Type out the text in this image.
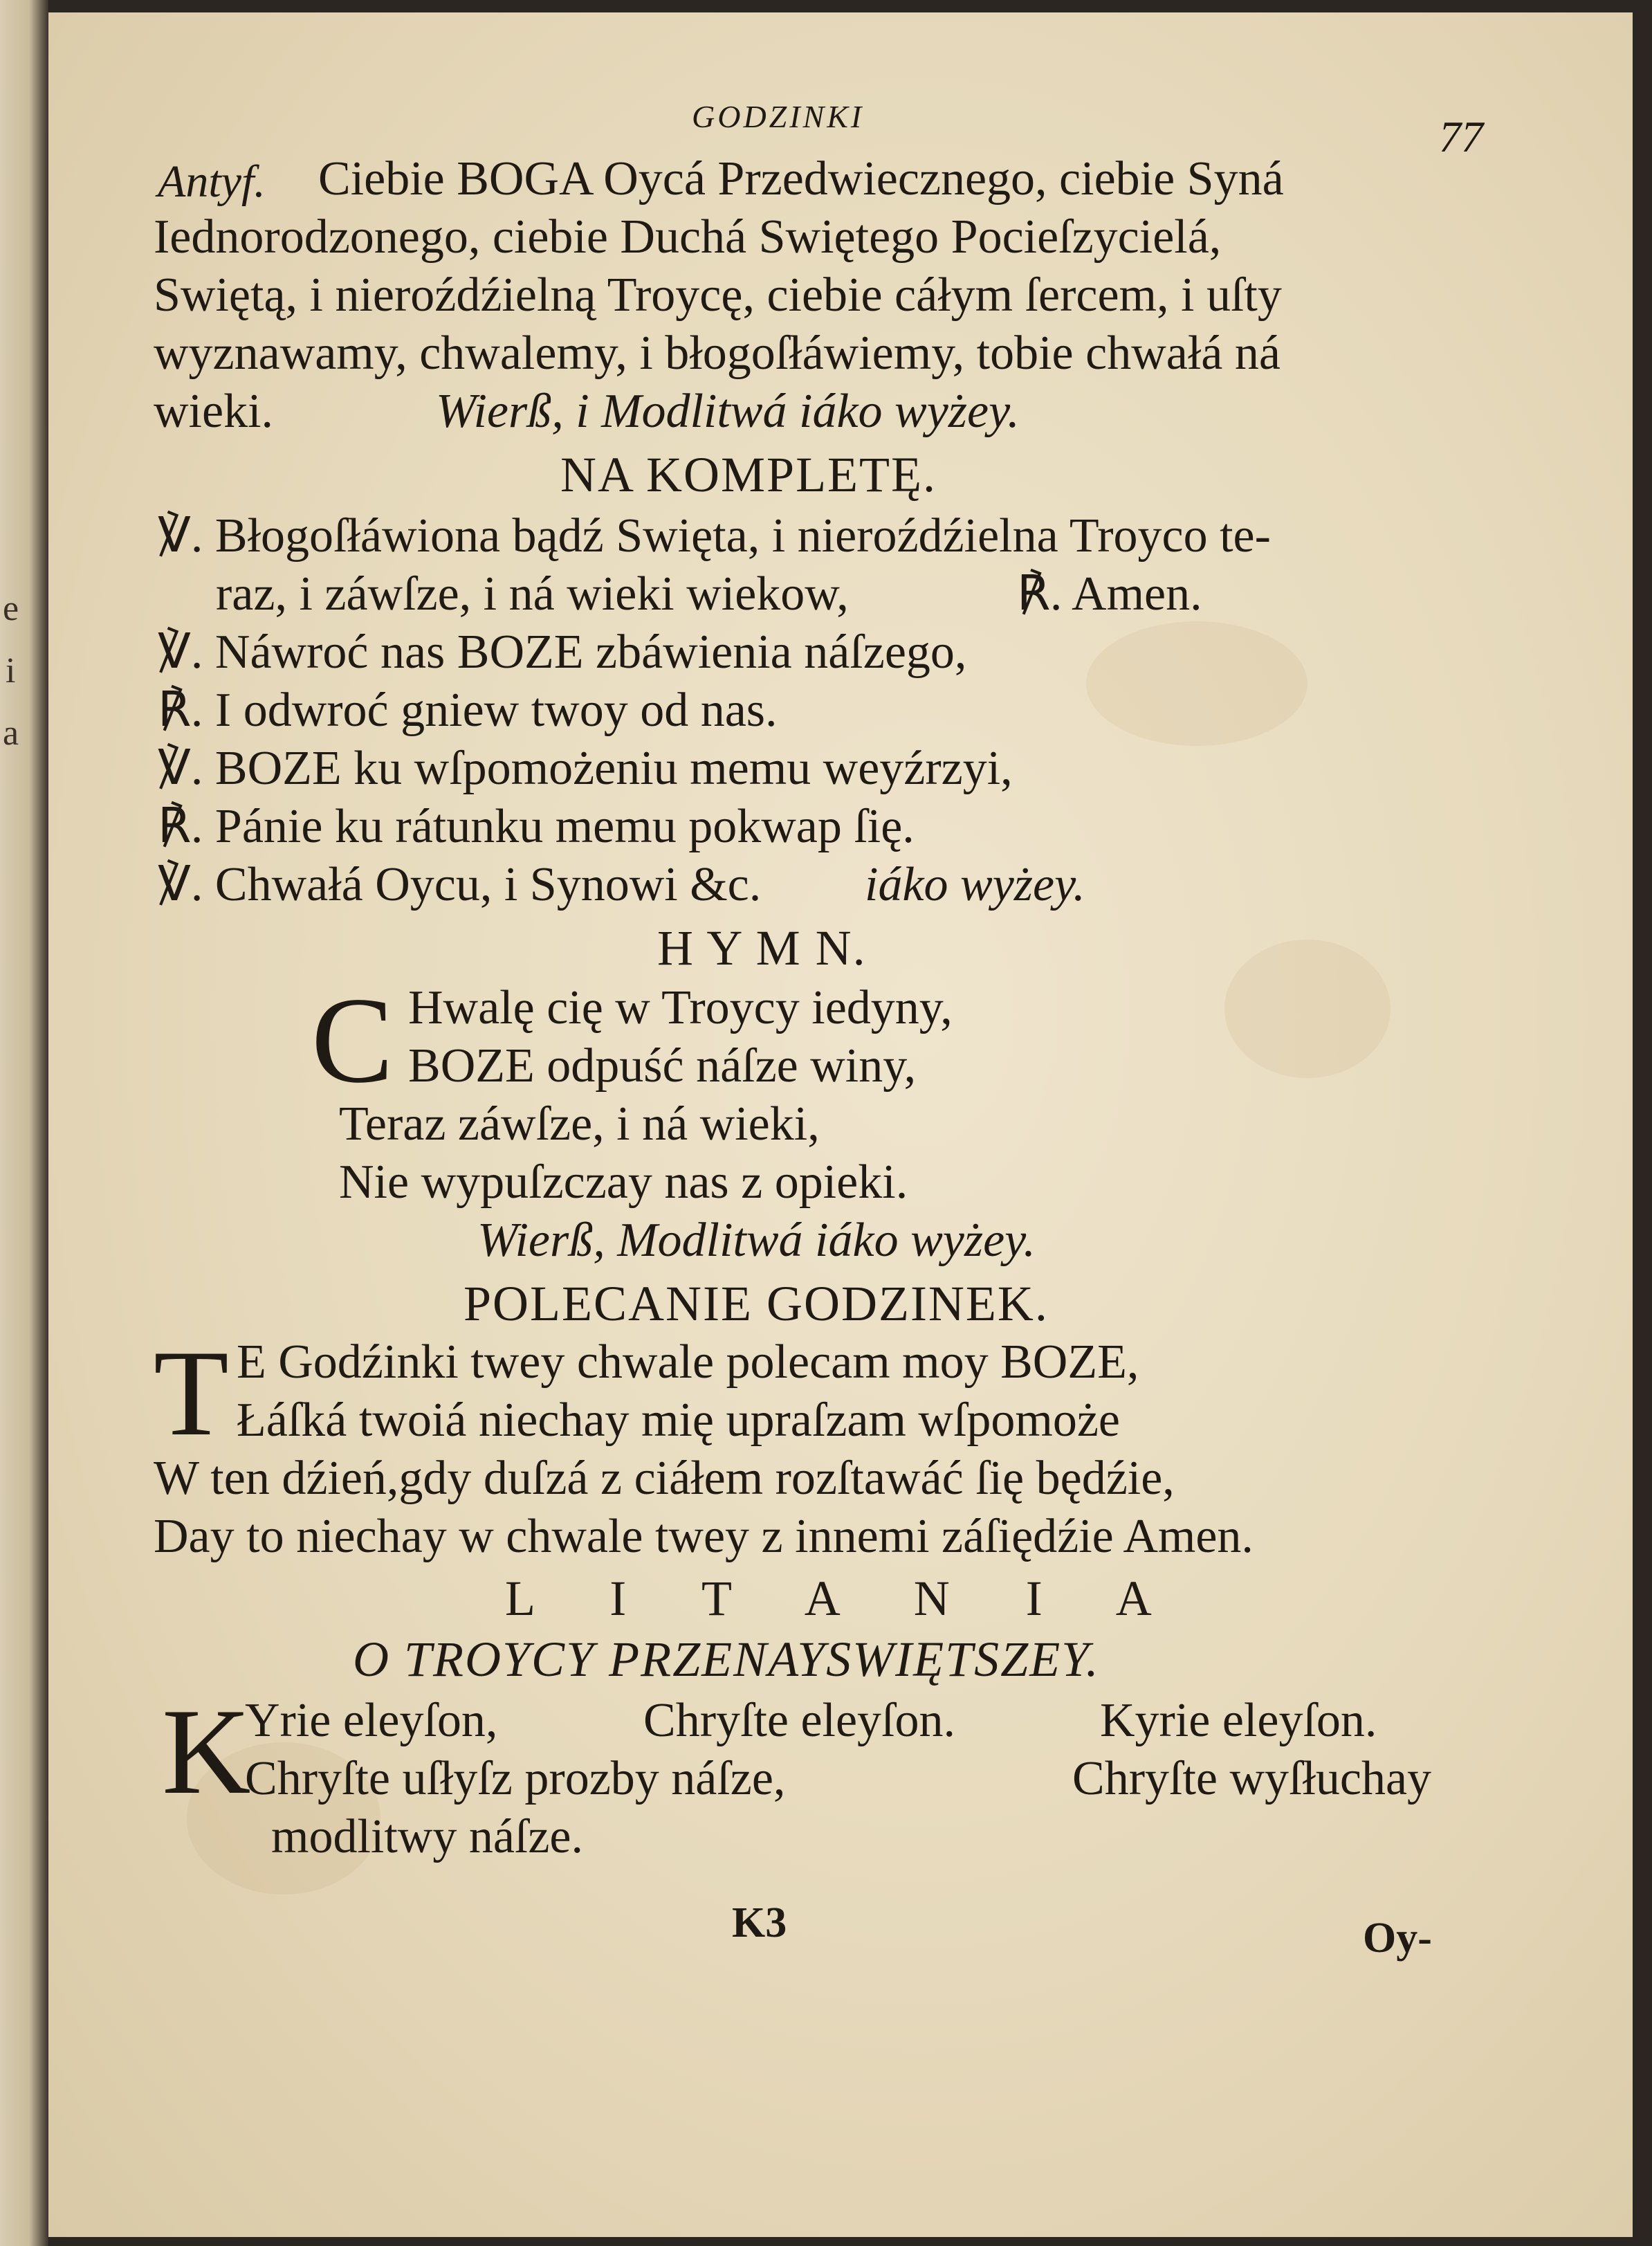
GODZINKI	77
Antyf. Ciebie BOGA Oycá Przedwiecznego, ciebie Syná
Iednorodzonego, ciebie Duchá Swiętego Pocieſzycielá,
Swiętą, i nieroźdźielną Troycę, ciebie cáłym ſercem, i uſty
wyznawamy, chwalemy, i błogoſłáwiemy, tobie chwałá ná
wieki.	Wierß, i Modlitwá iáko wyżey.
NA KOMPLETĘ.
℣. Błogoſłáwiona bądź Swięta, i nieroźdźielna Troyco te-
raz, i záwſze, i ná wieki wiekow,	℟. Amen.
℣. Náwroć nas BOZE zbáwienia náſzego,
℟. I odwroć gniew twoy od nas.
℣. BOZE ku wſpomożeniu memu weyźrzyi,
℟. Pánie ku rátunku memu pokwap ſię.
℣. Chwałá Oycu, i Synowi &c. iáko wyżey.
H Y M N.
C Hwalę cię w Troycy iedyny,
BOZE odpuść náſze winy,
Teraz záwſze, i ná wieki,
Nie wypuſzczay nas z opieki.
Wierß, Modlitwá iáko wyżey.
POLECANIE GODZINEK.
T E Godźinki twey chwale polecam moy BOZE,
Łáſká twoiá niechay mię upraſzam wſpomoże
W ten dźień,gdy duſzá z ciáłem rozſtawáć ſię będźie,
Day to niechay w chwale twey z innemi záſiędźie Amen.
L I T A N I A
O TROYCY PRZENAYSWIĘTSZEY.
K
Yrie eleyſon,	Chryſte eleyſon.	Kyrie eleyſon.
Chryſte uſłyſz prozby náſze,	Chryſte wyſłuchay
modlitwy náſze.
K3	Oy-
e
i
a
